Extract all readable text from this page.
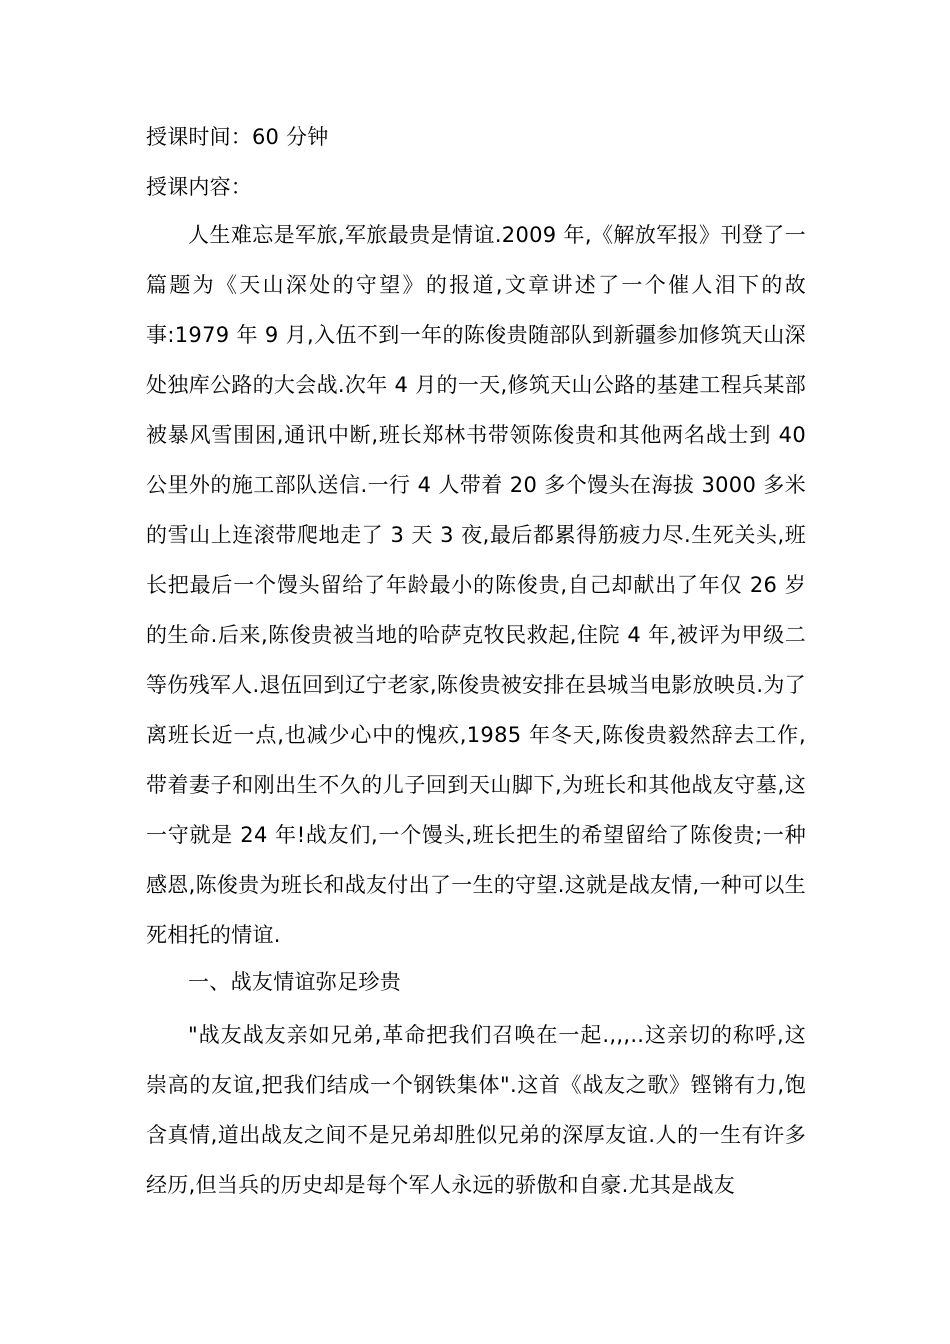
授课时间：60 分钟
授课内容：

人生难忘是军旅,军旅最贵是情谊.2009 年,《解放军报》刊登了一篇题为《天山深处的守望》的报道,文章讲述了一个催人泪下的故事:1979 年 9 月,入伍不到一年的陈俊贵随部队到新疆参加修筑天山深处独库公路的大会战.次年 4 月的一天,修筑天山公路的基建工程兵某部被暴风雪围困,通讯中断,班长郑林书带领陈俊贵和其他两名战士到 40 公里外的施工部队送信.一行 4 人带着 20 多个馒头在海拔 3000 多米的雪山上连滚带爬地走了 3 天 3 夜,最后都累得筋疲力尽.生死关头,班长把最后一个馒头留给了年龄最小的陈俊贵,自己却献出了年仅 26 岁的生命.后来,陈俊贵被当地的哈萨克牧民救起,住院 4 年,被评为甲级二等伤残军人.退伍回到辽宁老家,陈俊贵被安排在县城当电影放映员.为了离班长近一点,也减少心中的愧疚,1985 年冬天,陈俊贵毅然辞去工作,带着妻子和刚出生不久的儿子回到天山脚下,为班长和其他战友守墓,这一守就是 24 年!战友们,一个馒头,班长把生的希望留给了陈俊贵;一种感恩,陈俊贵为班长和战友付出了一生的守望.这就是战友情,一种可以生死相托的情谊.

一、战友情谊弥足珍贵

"战友战友亲如兄弟,革命把我们召唤在一起.,,,..这亲切的称呼,这崇高的友谊,把我们结成一个钢铁集体".这首《战友之歌》铿锵有力,饱含真情,道出战友之间不是兄弟却胜似兄弟的深厚友谊.人的一生有许多经历,但当兵的历史却是每个军人永远的骄傲和自豪.尤其是战友
